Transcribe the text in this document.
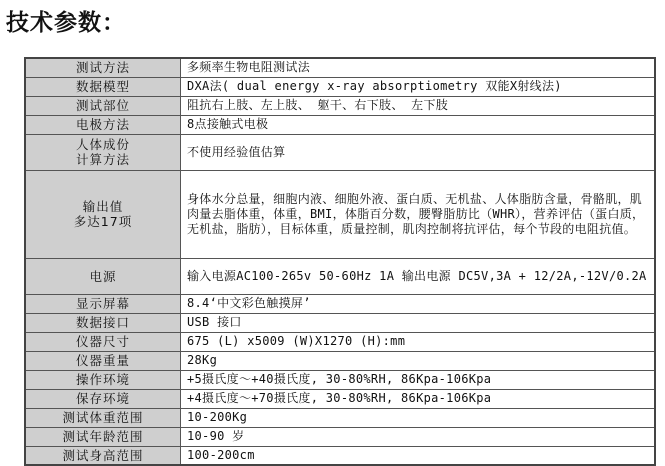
技术参数：
测试方法	多频率生物电阻测试法
数据模型	DXA法( dual energy x-ray absorptiometry 双能X射线法)
测试部位	阻抗右上肢、左上肢、 躯干、右下肢、 左下肢
电极方法	8点接触式电极

人体成份
计算方法	不使用经验值估算

输出值
多达17项	身体水分总量，细胞内液、细胞外液、蛋白质、无机盐、人体脂肪含量，骨骼肌，肌肉量去脂体重，体重，BMI，体脂百分数，腰臀脂肪比（WHR），营养评估（蛋白质，无机盐，脂肪），目标体重，质量控制，肌肉控制将抗评估，每个节段的电阻抗值。
电源	输入电源AC100-265v 50-60Hz 1A 输出电源 DC5V,3A + 12/2A,-12V/0.2A
显示屏幕	8.4‘中文彩色触摸屏’
数据接口	USB 接口
仪器尺寸	675 (L) x5009 (W)X1270 (H):mm
仪器重量	28Kg
操作环境	+5摄氏度～+40摄氏度, 30-80%RH, 86Kpa-106Kpa
保存环境	+4摄氏度～+70摄氏度, 30-80%RH, 86Kpa-106Kpa
测试体重范围	10-200Kg
测试年龄范围	10-90 岁
测试身高范围	100-200cm
